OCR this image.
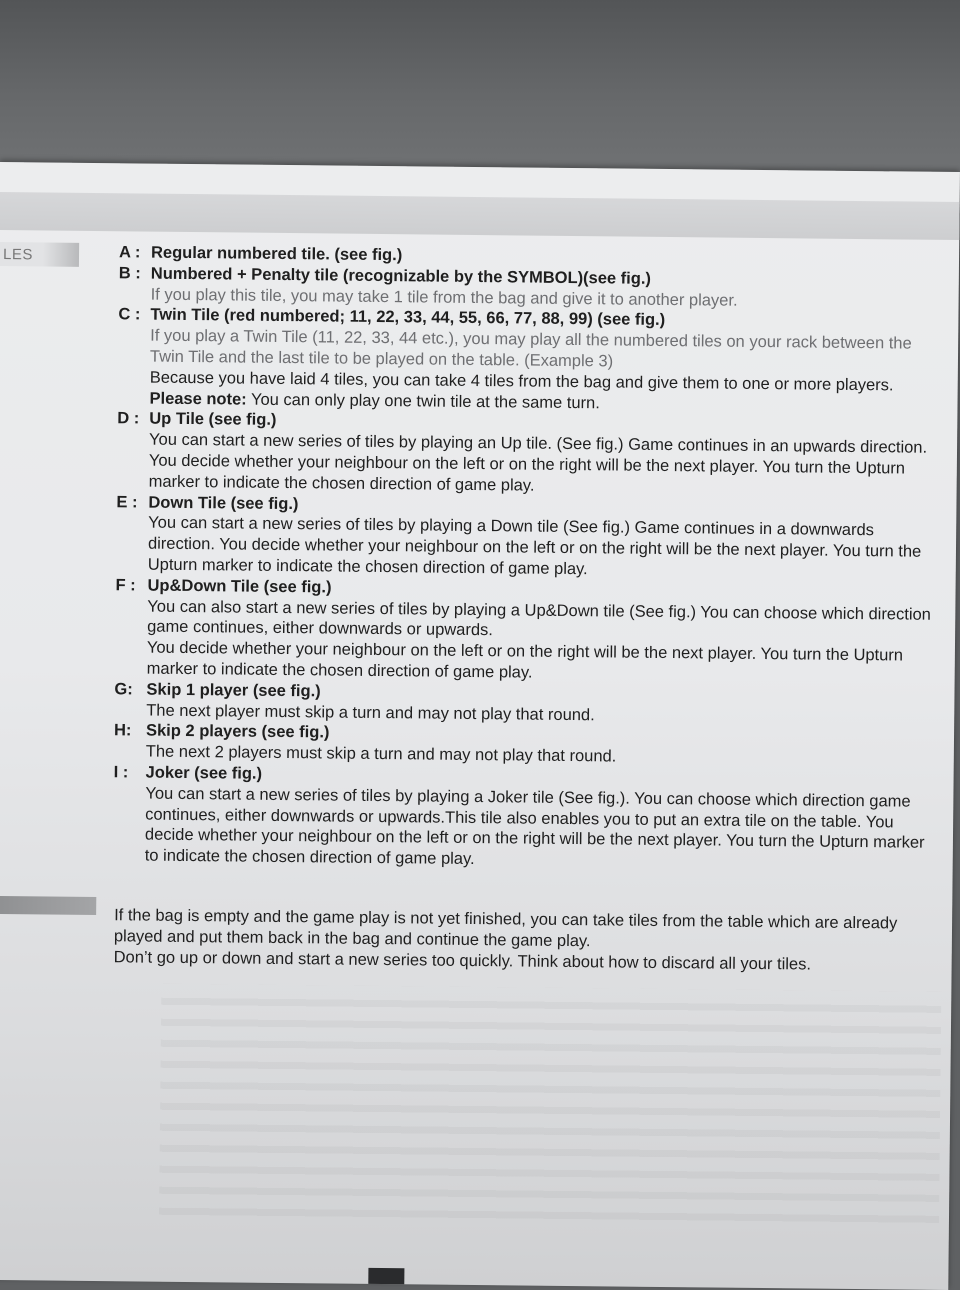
LES	A : Regular numbered tile. (see fig.)
B : Numbered + Penalty tile (recognizable by the SYMBOL)(see fig.)
If you play this tile, you may take 1 tile from the bag and give it to another player.
C : Twin Tile (red numbered; 11, 22, 33, 44, 55, 66, 77, 88, 99) (see fig.)
If you play a Twin Tile (11, 22, 33, 44 etc.), you may play all the numbered tiles on your rack between the Twin Tile and the last tile to be played on the table. (Example 3)
Because you have laid 4 tiles, you can take 4 tiles from the bag and give them to one or more players.
Please note: You can only play one twin tile at the same turn.
D : Up Tile (see fig.)
You can start a new series of tiles by playing an Up tile. (See fig.) Game continues in an upwards direction. You decide whether your neighbour on the left or on the right will be the next player. You turn the Upturn marker to indicate the chosen direction of game play.
E : Down Tile (see fig.)
You can start a new series of tiles by playing a Down tile (See fig.) Game continues in a downwards direction. You decide whether your neighbour on the left or on the right will be the next player. You turn the Upturn marker to indicate the chosen direction of game play.
F : Up&Down Tile (see fig.)
You can also start a new series of tiles by playing a Up&Down tile (See fig.) You can choose which direction game continues, either downwards or upwards.
You decide whether your neighbour on the left or on the right will be the next player. You turn the Upturn marker to indicate the chosen direction of game play.
G: Skip 1 player (see fig.)
The next player must skip a turn and may not play that round.
H: Skip 2 players (see fig.)
The next 2 players must skip a turn and may not play that round.
I :	Joker (see fig.)
You can start a new series of tiles by playing a Joker tile (See fig.). You can choose which direction game continues, either downwards or upwards.This tile also enables you to put an extra tile on the table. You decide whether your neighbour on the left or on the right will be the next player. You turn the Upturn marker to indicate the chosen direction of game play.
If the bag is empty and the game play is not yet finished, you can take tiles from the table which are already played and put them back in the bag and continue the game play.
Don’t go up or down and start a new series too quickly. Think about how to discard all your tiles.
